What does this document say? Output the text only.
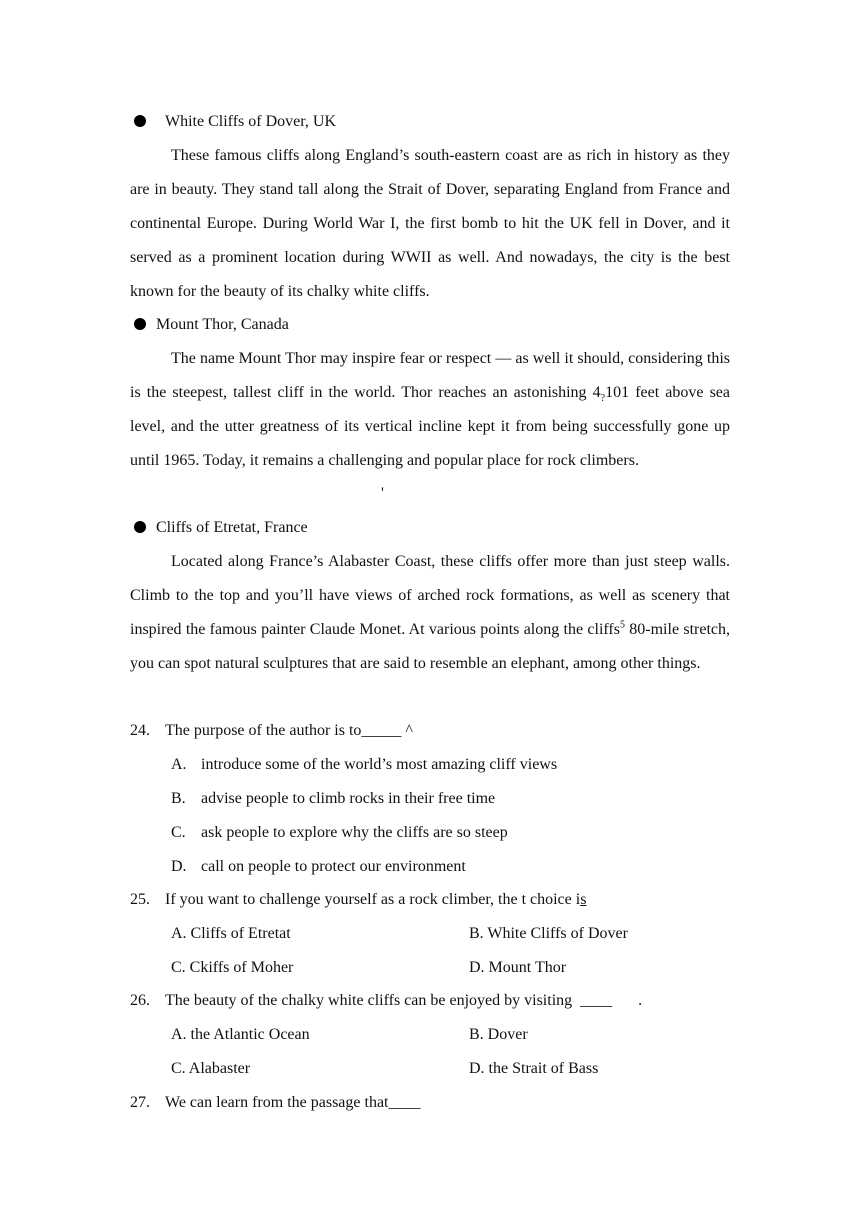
White Cliffs of Dover, UK
These famous cliffs along England’s south-eastern coast are as rich in history as they are in beauty. They stand tall along the Strait of Dover, separating England from France and continental Europe. During World War I, the first bomb to hit the UK fell in Dover, and it served as a prominent location during WWII as well. And nowadays, the city is the best known for the beauty of its chalky white cliffs.
Mount Thor, Canada
The name Mount Thor may inspire fear or respect — as well it should, considering this is the steepest, tallest cliff in the world. Thor reaches an astonishing $4_?101$ feet above sea level, and the utter greatness of its vertical incline kept it from being successfully gone up until 1965. Today, it remains a challenging and popular place for rock climbers.
'
Cliffs of Etretat, France
Located along France’s Alabaster Coast, these cliffs offer more than just steep walls. Climb to the top and you’ll have views of arched rock formations, as well as scenery that inspired the famous painter Claude Monet. At various points along the cliffs$^5$ 80-mile stretch, you can spot natural sculptures that are said to resemble an elephant, among other things.
24. The purpose of the author is to_____ ^
A. introduce some of the world’s most amazing cliff views
B. advise people to climb rocks in their free time
C. ask people to explore why the cliffs are so steep
D. call on people to protect our environment
25. If you want to challenge yourself as a rock climber, the t choice is
A. Cliffs of Etretat	B. White Cliffs of Dover
C. Ckiffs of Moher	D. Mount Thor
26. The beauty of the chalky white cliffs can be enjoyed by visiting ____ .
A. the Atlantic Ocean	B. Dover
C. Alabaster	D. the Strait of Bass
27. We can learn from the passage that____
